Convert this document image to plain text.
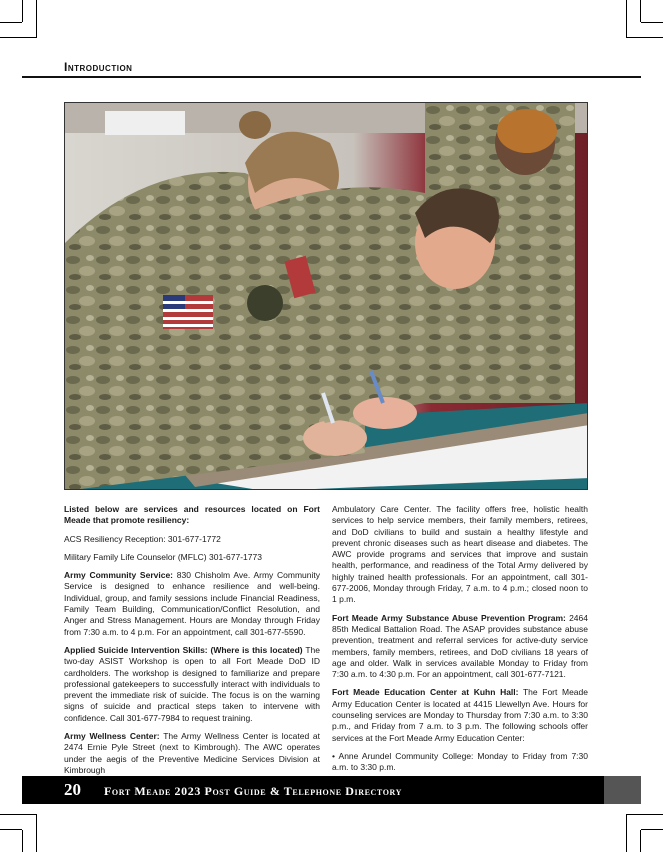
Introduction

Listed below are services and resources located on Fort Meade that promote resiliency:

ACS Resiliency Reception: 301-677-1772

Military Family Life Counselor (MFLC) 301-677-1773

Army Community Service: 830 Chisholm Ave. Army Community Service is designed to enhance resilience and well-being. Individual, group, and family sessions include Financial Readiness, Family Team Building, Communication/Conflict Resolution, and Anger and Stress Management. Hours are Monday through Friday from 7:30 a.m. to 4 p.m. For an appointment, call 301-677-5590.

Applied Suicide Intervention Skills: (Where is this located) The two-day ASIST Workshop is open to all Fort Meade DoD ID cardholders. The workshop is designed to familiarize and prepare professional gatekeepers to successfully interact with individuals to prevent the immediate risk of suicide. The focus is on the warning signs of suicide and practical steps taken to intervene with confidence. Call 301-677-7984 to request training.

Army Wellness Center: The Army Wellness Center is located at 2474 Ernie Pyle Street (next to Kimbrough). The AWC operates under the aegis of the Preventive Medicine Services Division at Kimbrough

Ambulatory Care Center. The facility offers free, holistic health services to help service members, their family members, retirees, and DoD civilians to build and sustain a healthy lifestyle and prevent chronic diseases such as heart disease and diabetes. The AWC provide programs and services that improve and sustain health, performance, and readiness of the Total Army delivered by highly trained health professionals. For an appointment, call 301-677-2006, Monday through Friday, 7 a.m. to 4 p.m.; closed noon to 1 p.m.

Fort Meade Army Substance Abuse Prevention Program: 2464 85th Medical Battalion Road. The ASAP provides substance abuse prevention, treatment and referral services for active-duty service members, family members, retirees, and DoD civilians 18 years of age and older. Walk in services available Monday to Friday from 7:30 a.m. to 4:30 p.m. For an appointment, call 301-677-7121.

Fort Meade Education Center at Kuhn Hall: The Fort Meade Army Education Center is located at 4415 Llewellyn Ave. Hours for counseling services are Monday to Thursday from 7:30 a.m. to 3:30 p.m., and Friday from 7 a.m. to 3 p.m. The following schools offer services at the Fort Meade Army Education Center:

• Anne Arundel Community College: Monday to Friday from 7:30 a.m. to 3:30 p.m.

20 Fort Meade 2023 Post Guide & Telephone Directory
